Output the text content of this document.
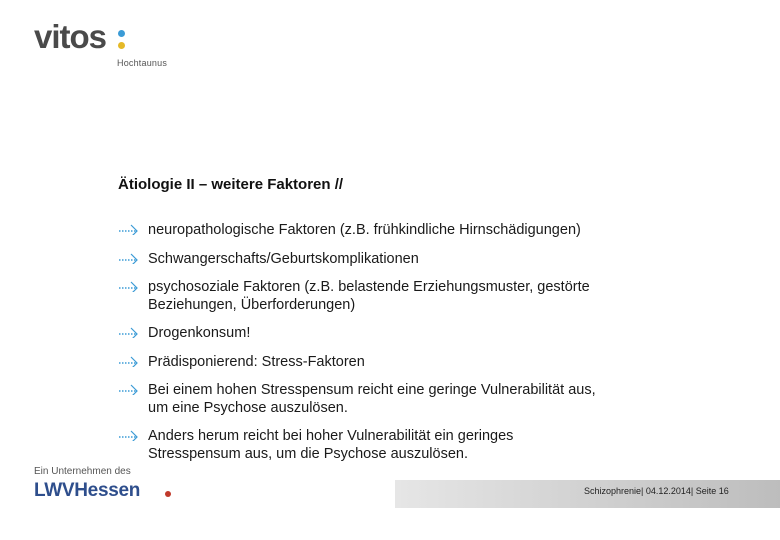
vitos
Hochtaunus
Ätiologie II – weitere Faktoren //
neuropathologische Faktoren (z.B. frühkindliche Hirnschädigungen)
Schwangerschafts/Geburtskomplikationen
psychosoziale Faktoren (z.B. belastende Erziehungsmuster, gestörte
Beziehungen, Überforderungen)
Drogenkonsum!
Prädisponierend: Stress-Faktoren
Bei einem hohen Stresspensum reicht eine geringe Vulnerabilität aus,
um eine Psychose auszulösen.
Anders herum reicht bei hoher Vulnerabilität ein geringes
Stresspensum aus, um die Psychose auszulösen.
Schizophrenie| 04.12.2014| Seite 16
Ein Unternehmen des
LWVHessen
